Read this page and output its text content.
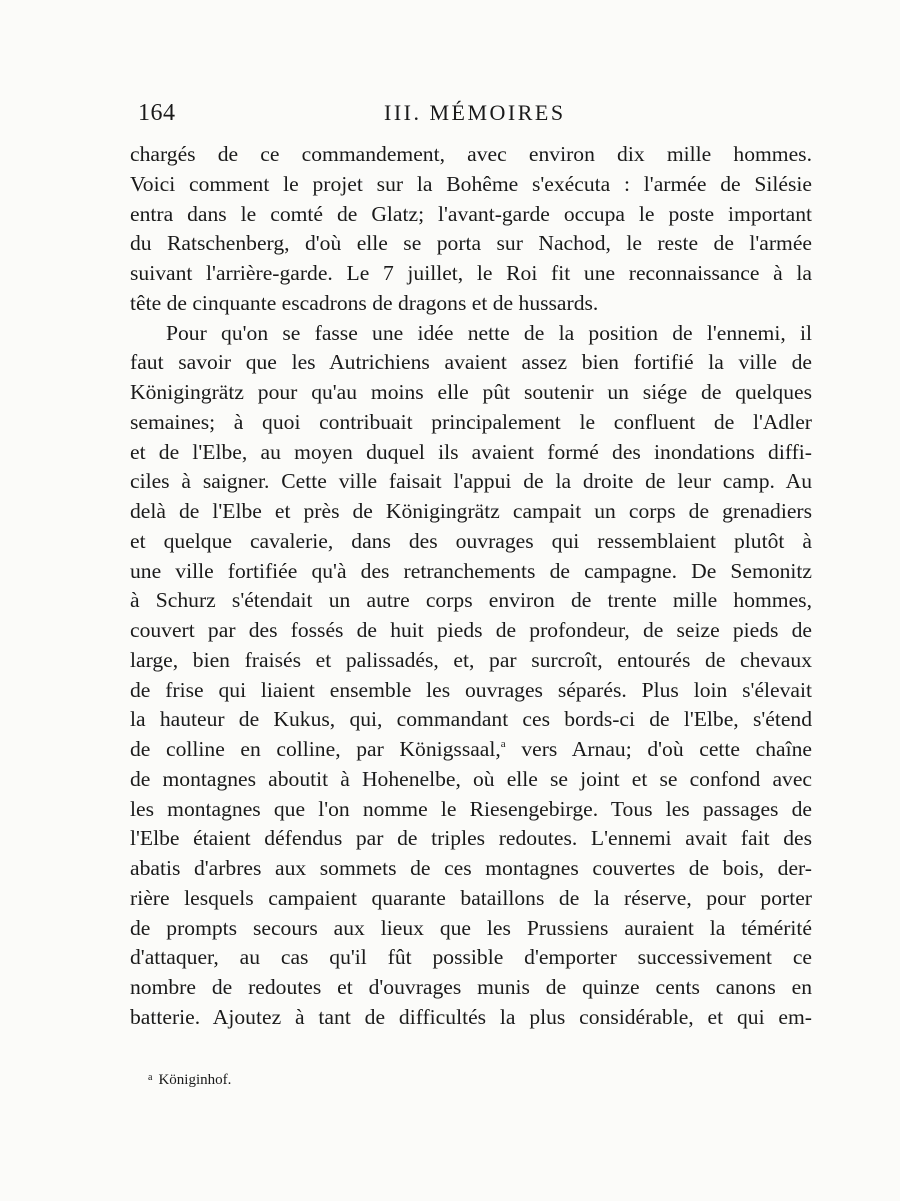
164	III. MÉMOIRES
chargés de ce commandement, avec environ dix mille hommes.
Voici comment le projet sur la Bohême s'exécuta : l'armée de Silésie
entra dans le comté de Glatz; l'avant-garde occupa le poste important
du Ratschenberg, d'où elle se porta sur Nachod, le reste de l'armée
suivant l'arrière-garde. Le 7 juillet, le Roi fit une reconnaissance à la
tête de cinquante escadrons de dragons et de hussards.
Pour qu'on se fasse une idée nette de la position de l'ennemi, il
faut savoir que les Autrichiens avaient assez bien fortifié la ville de
Königingrätz pour qu'au moins elle pût soutenir un siége de quelques
semaines; à quoi contribuait principalement le confluent de l'Adler
et de l'Elbe, au moyen duquel ils avaient formé des inondations diffi-
ciles à saigner. Cette ville faisait l'appui de la droite de leur camp. Au
delà de l'Elbe et près de Königingrätz campait un corps de grenadiers
et quelque cavalerie, dans des ouvrages qui ressemblaient plutôt à
une ville fortifiée qu'à des retranchements de campagne. De Semonitz
à Schurz s'étendait un autre corps environ de trente mille hommes,
couvert par des fossés de huit pieds de profondeur, de seize pieds de
large, bien fraisés et palissadés, et, par surcroît, entourés de chevaux
de frise qui liaient ensemble les ouvrages séparés. Plus loin s'élevait
la hauteur de Kukus, qui, commandant ces bords-ci de l'Elbe, s'étend
de colline en colline, par Königssaal,$^a$ vers Arnau; d'où cette chaîne
de montagnes aboutit à Hohenelbe, où elle se joint et se confond avec
les montagnes que l'on nomme le Riesengebirge. Tous les passages de
l'Elbe étaient défendus par de triples redoutes. L'ennemi avait fait des
abatis d'arbres aux sommets de ces montagnes couvertes de bois, der-
rière lesquels campaient quarante bataillons de la réserve, pour porter
de prompts secours aux lieux que les Prussiens auraient la témérité
d'attaquer, au cas qu'il fût possible d'emporter successivement ce
nombre de redoutes et d'ouvrages munis de quinze cents canons en
batterie. Ajoutez à tant de difficultés la plus considérable, et qui em-
$^a$ Königinhof.
